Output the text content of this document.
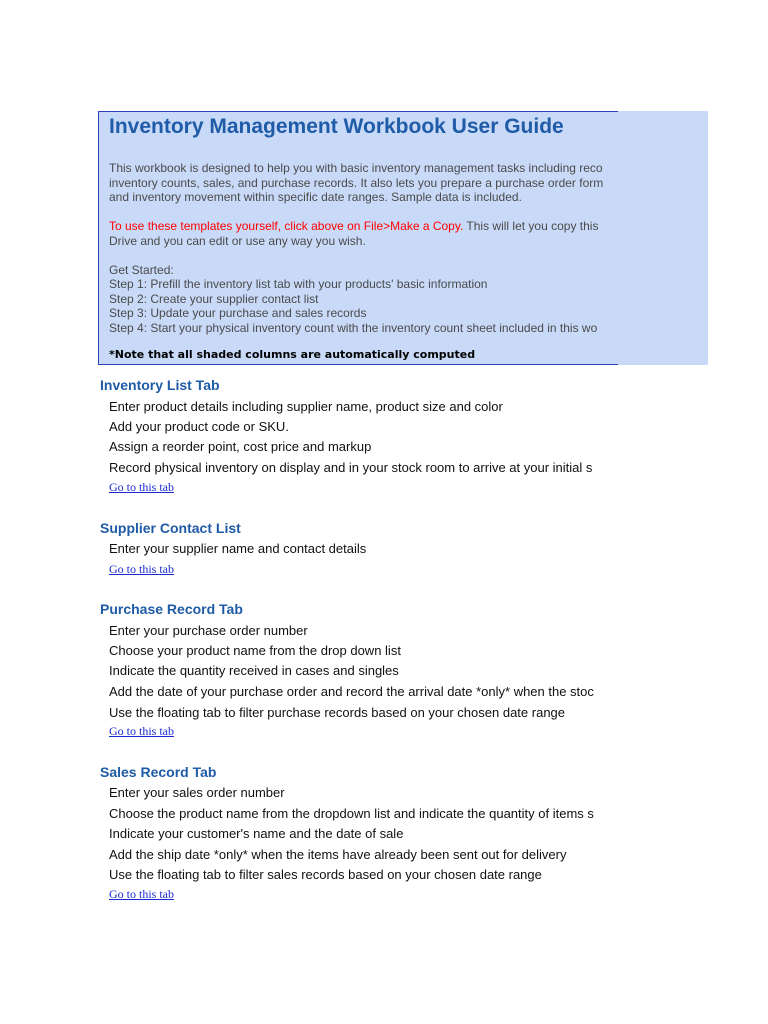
Inventory Management Workbook User Guide
This workbook is designed to help you with basic inventory management tasks including reco
inventory counts, sales, and purchase records. It also lets you prepare a purchase order form
and inventory movement within specific date ranges. Sample data is included.
To use these templates yourself, click above on File>Make a Copy. This will let you copy this
Drive and you can edit or use any way you wish.
Get Started:
Step 1: Prefill the inventory list tab with your products' basic information
Step 2: Create your supplier contact list
Step 3: Update your purchase and sales records
Step 4: Start your physical inventory count with the inventory count sheet included in this wo
*Note that all shaded columns are automatically computed
Inventory List Tab
Enter product details including supplier name, product size and color
Add your product code or SKU.
Assign a reorder point, cost price and markup
Record physical inventory on display and in your stock room to arrive at your initial s
Go to this tab
Supplier Contact List
Enter your supplier name and contact details
Go to this tab
Purchase Record Tab
Enter your purchase order number
Choose your product name from the drop down list
Indicate the quantity received in cases and singles
Add the date of your purchase order and record the arrival date *only* when the stoc
Use the floating tab to filter purchase records based on your chosen date range
Go to this tab
Sales Record Tab
Enter your sales order number
Choose the product name from the dropdown list and indicate the quantity of items s
Indicate your customer's name and the date of sale
Add the ship date *only* when the items have already been sent out for delivery
Use the floating tab to filter sales records based on your chosen date range
Go to this tab
